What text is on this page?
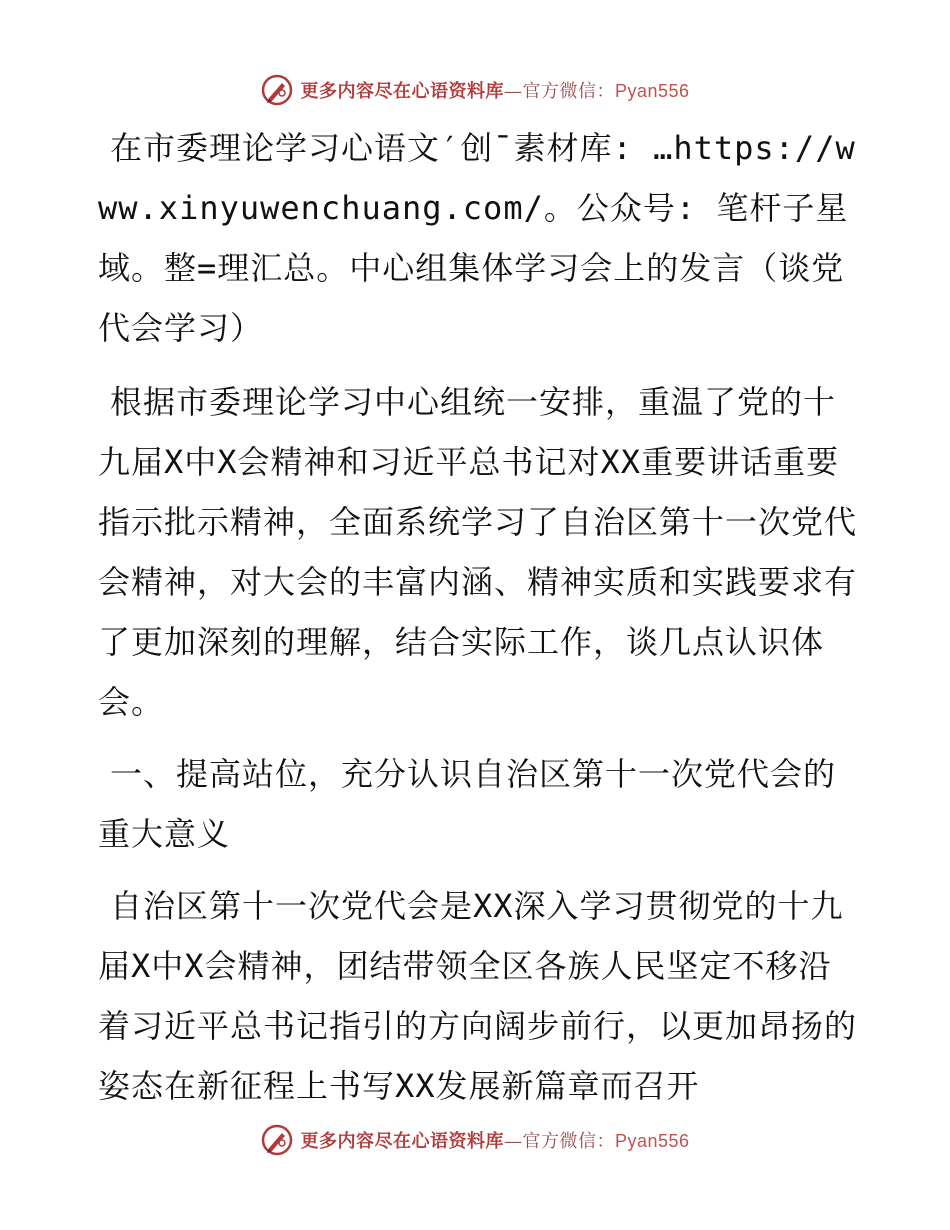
更多内容尽在心语资料库—官方微信：Pyan556

在市委理论学习心语文′创¯素材库: …https://www.xinyuwenchuang.com/。公众号: 笔杆子星域。整=理汇总。中心组集体学习会上的发言（谈党代会学习）

根据市委理论学习中心组统一安排，重温了党的十九届X中X会精神和习近平总书记对XX重要讲话重要指示批示精神，全面系统学习了自治区第十一次党代会精神，对大会的丰富内涵、精神实质和实践要求有了更加深刻的理解，结合实际工作，谈几点认识体会。

一、提高站位，充分认识自治区第十一次党代会的重大意义

自治区第十一次党代会是XX深入学习贯彻党的十九届X中X会精神，团结带领全区各族人民坚定不移沿着习近平总书记指引的方向阔步前行，以更加昂扬的姿态在新征程上书写XX发展新篇章而召开

更多内容尽在心语资料库—官方微信：Pyan556
